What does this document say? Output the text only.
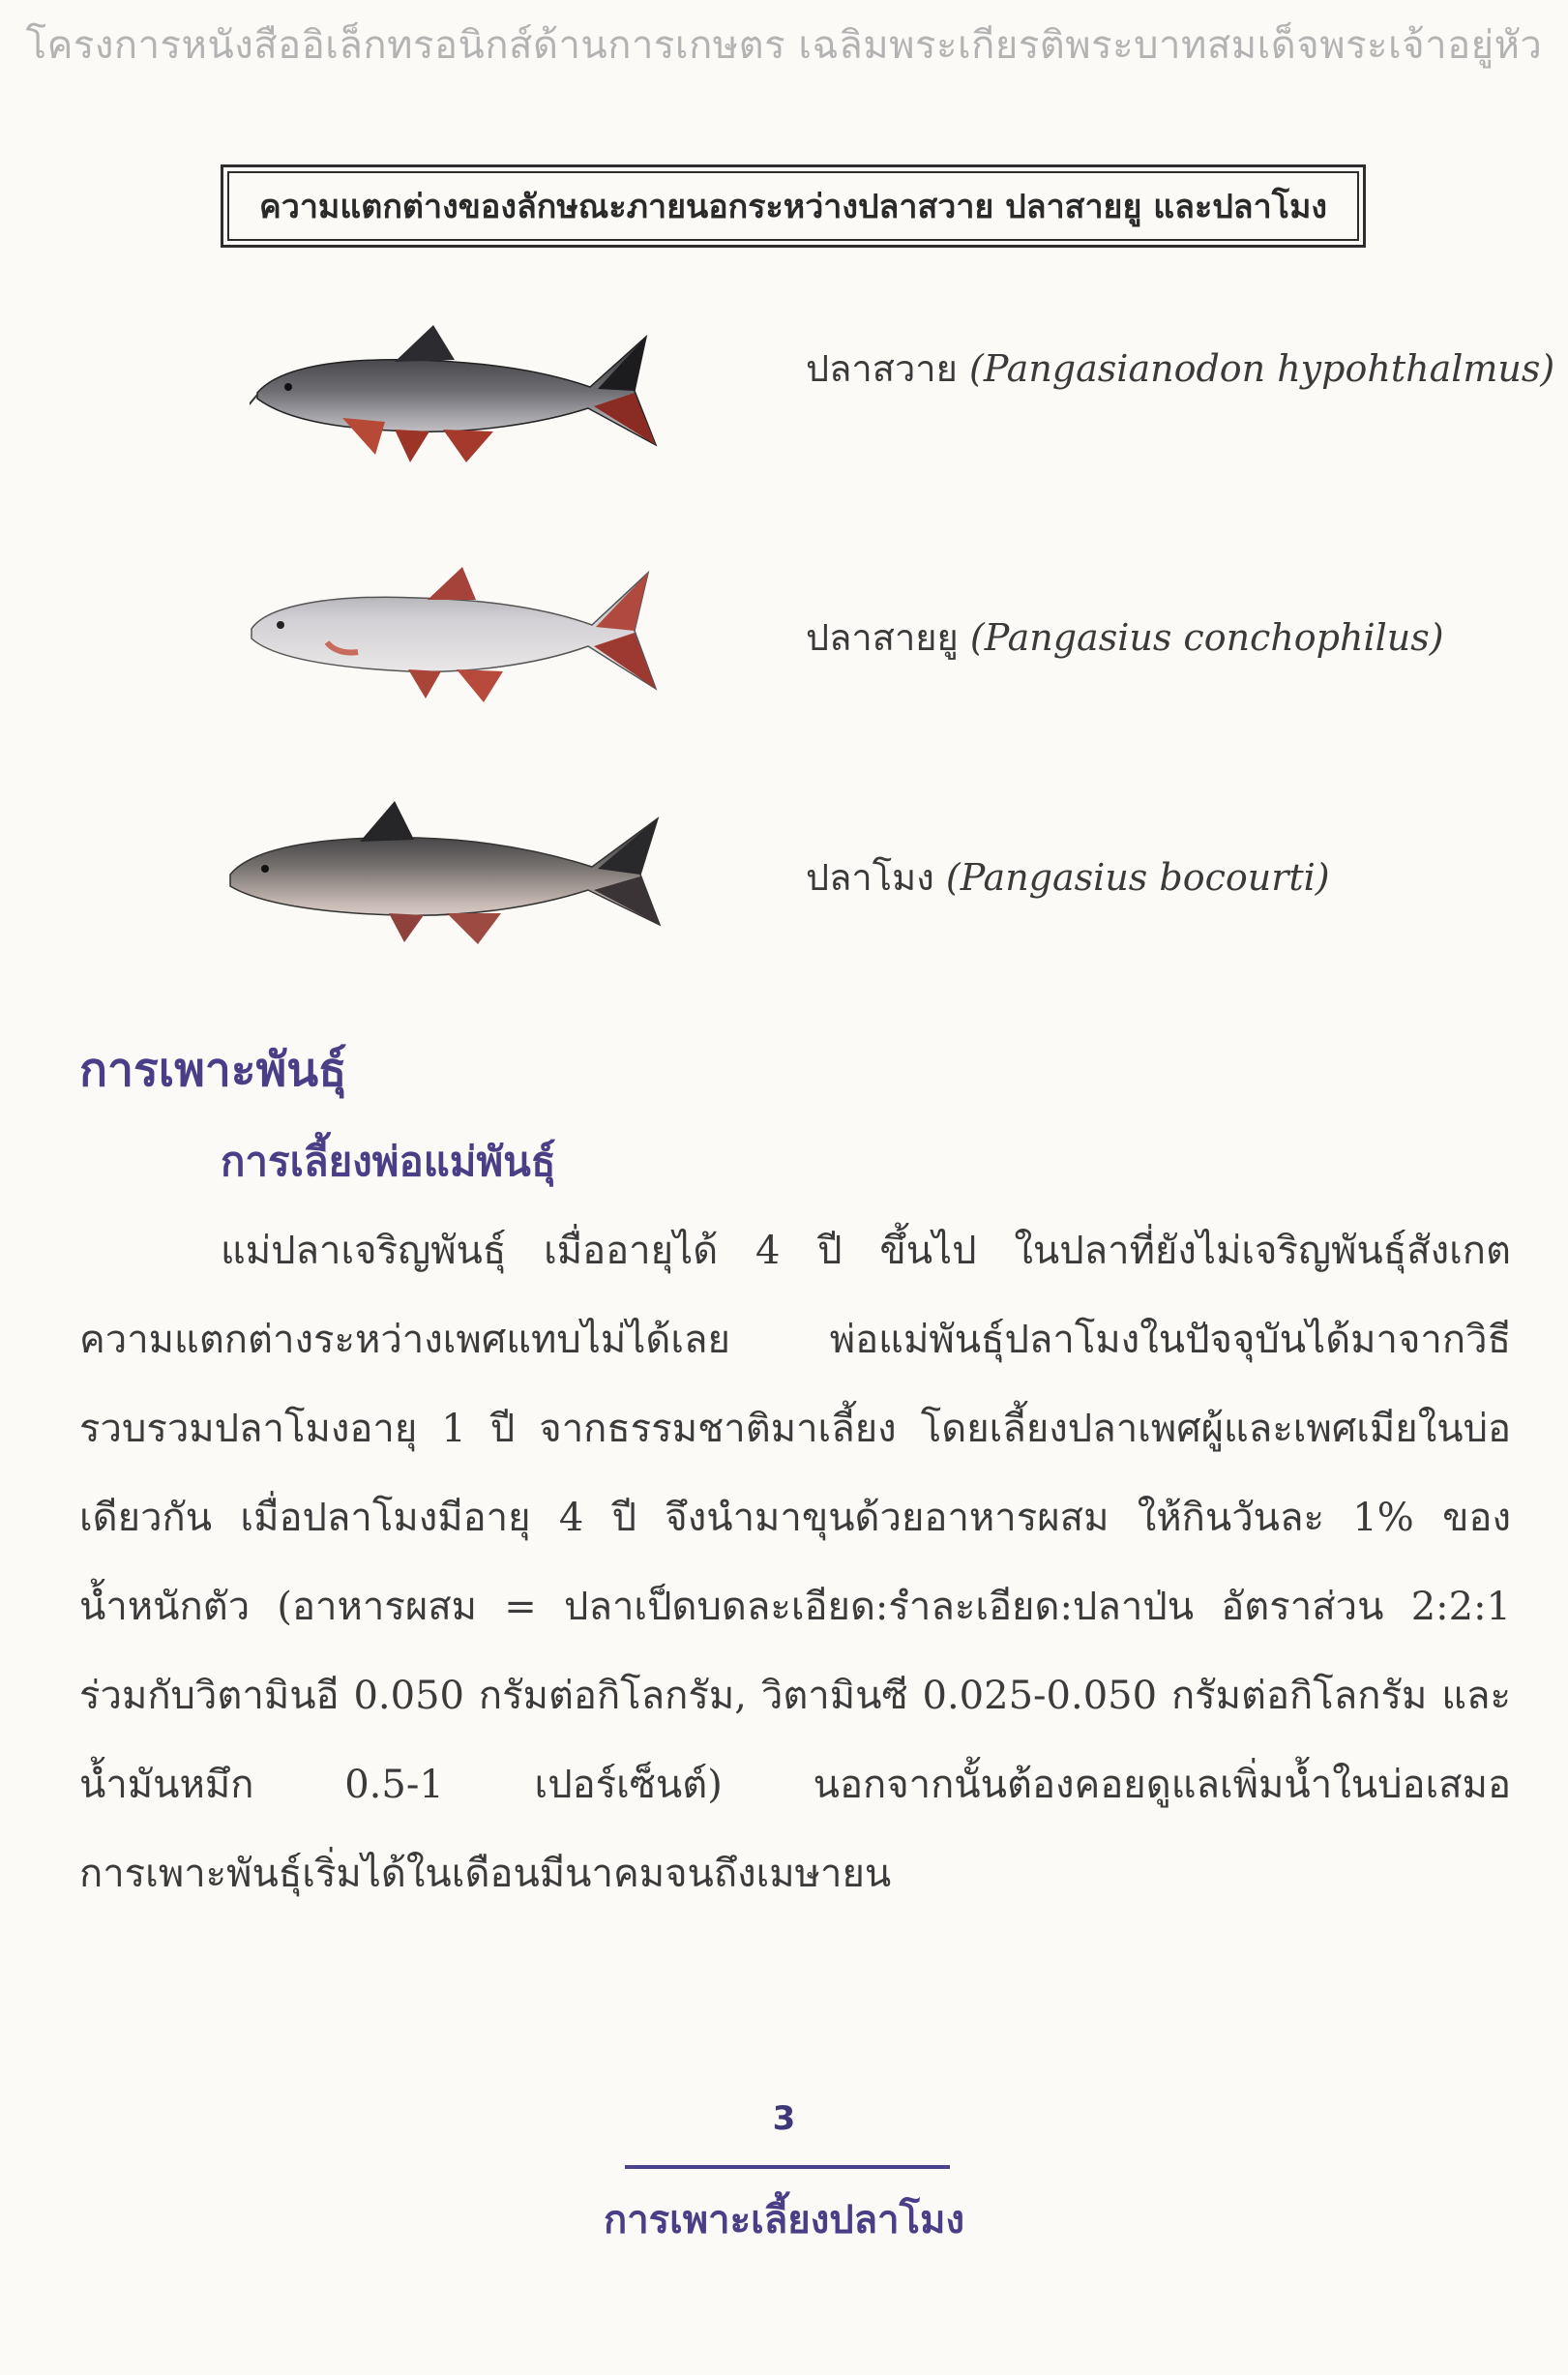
โครงการหนังสืออิเล็กทรอนิกส์ด้านการเกษตร เฉลิมพระเกียรติพระบาทสมเด็จพระเจ้าอยู่หัว
ความแตกต่างของลักษณะภายนอกระหว่างปลาสวาย ปลาสายยู และปลาโมง
ปลาสวาย (Pangasianodon hypohthalmus)
ปลาสายยู (Pangasius conchophilus)
ปลาโมง (Pangasius bocourti)
การเพาะพันธุ์
การเลี้ยงพ่อแม่พันธุ์
แม่ปลาเจริญพันธุ์ เมื่ออายุได้ 4 ปี ขึ้นไป ในปลาที่ยังไม่เจริญพันธุ์สังเกต
ความแตกต่างระหว่างเพศแทบไม่ได้เลย พ่อแม่พันธุ์ปลาโมงในปัจจุบันได้มาจากวิธี
รวบรวมปลาโมงอายุ 1 ปี จากธรรมชาติมาเลี้ยง โดยเลี้ยงปลาเพศผู้และเพศเมียในบ่อ
เดียวกัน เมื่อปลาโมงมีอายุ 4 ปี จึงนำมาขุนด้วยอาหารผสม ให้กินวันละ 1% ของ
น้ำหนักตัว (อาหารผสม = ปลาเป็ดบดละเอียด:รำละเอียด:ปลาป่น อัตราส่วน 2:2:1
ร่วมกับวิตามินอี 0.050 กรัมต่อกิโลกรัม, วิตามินซี 0.025-0.050 กรัมต่อกิโลกรัม และ
น้ำมันหมึก 0.5-1 เปอร์เซ็นต์) นอกจากนั้นต้องคอยดูแลเพิ่มน้ำในบ่อเสมอ
การเพาะพันธุ์เริ่มได้ในเดือนมีนาคมจนถึงเมษายน
3
การเพาะเลี้ยงปลาโมง
